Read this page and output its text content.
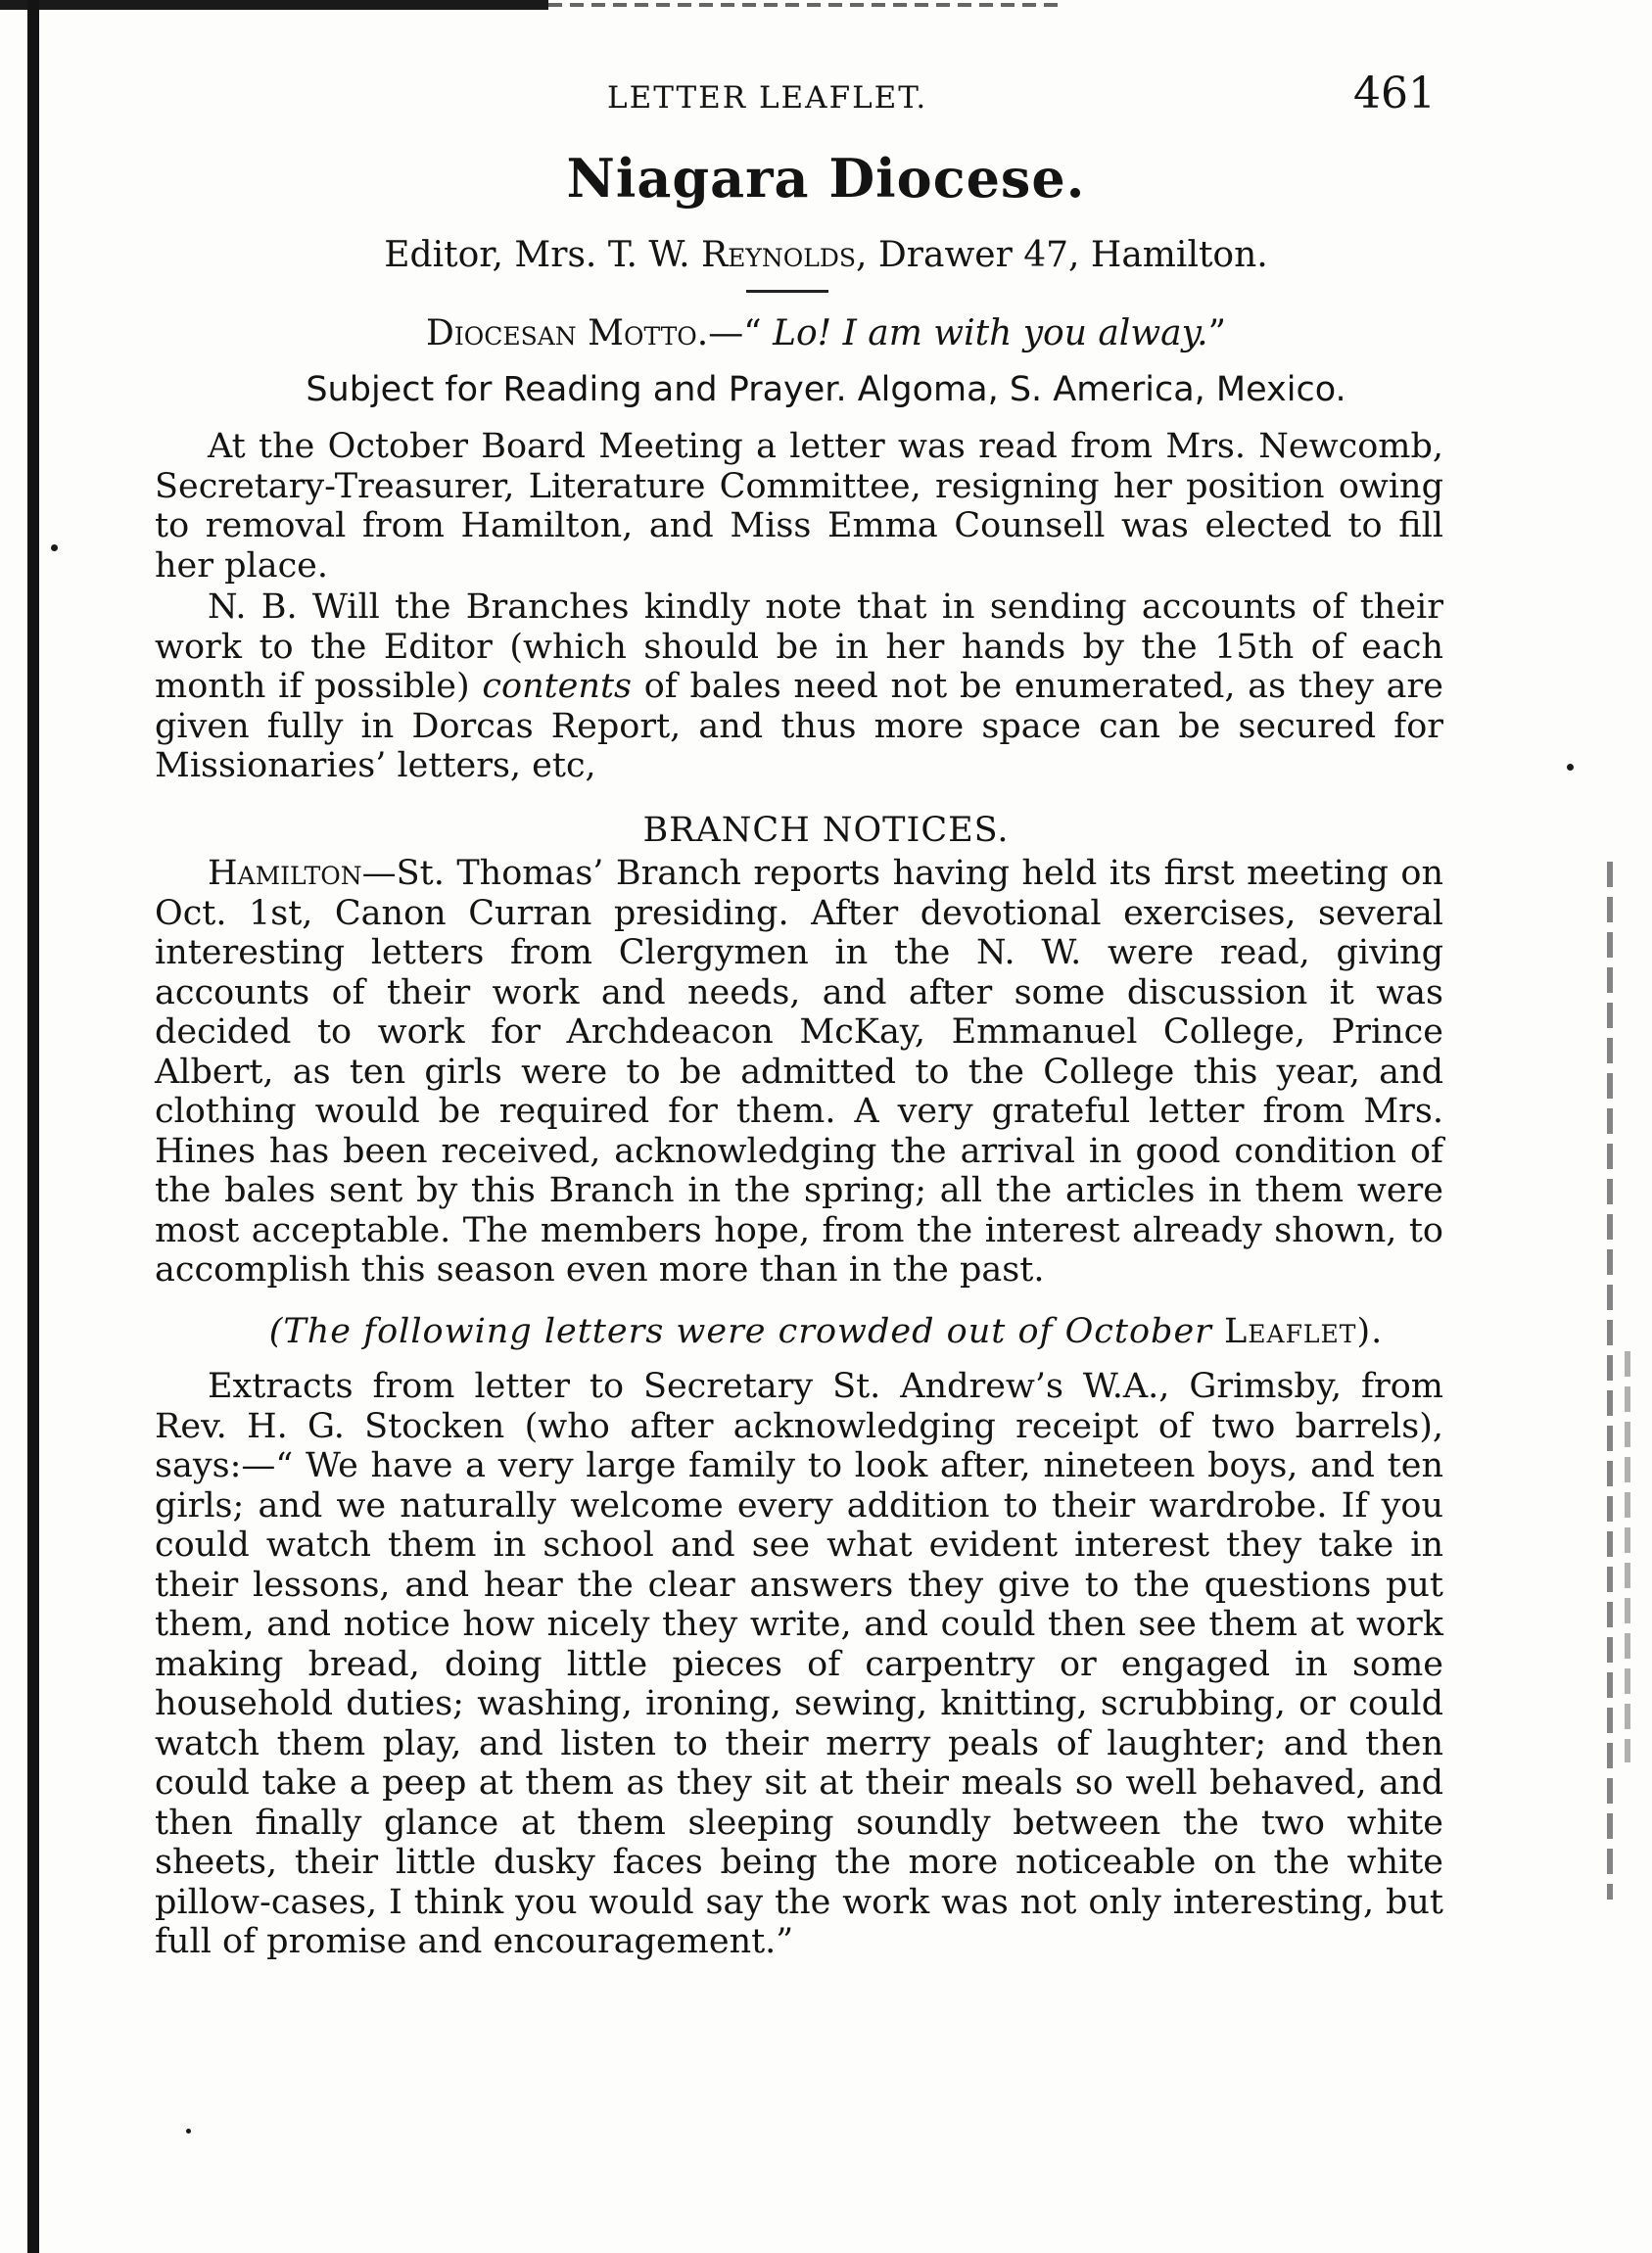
LETTER LEAFLET.	461
Niagara Diocese.
Editor, Mrs. T. W. Reynolds, Drawer 47, Hamilton.
Diocesan Motto.—“ Lo! I am with you alway.”
Subject for Reading and Prayer. Algoma, S. America, Mexico.
At the October Board Meeting a letter was read from Mrs. Newcomb, Secretary-Treasurer, Literature Committee, resigning her position owing to removal from Hamilton, and Miss Emma Counsell was elected to fill her place.
N. B. Will the Branches kindly note that in sending accounts of their work to the Editor (which should be in her hands by the 15th of each month if possible) contents of bales need not be enumerated, as they are given fully in Dorcas Report, and thus more space can be secured for Missionaries’ letters, etc,
BRANCH NOTICES.
Hamilton—St. Thomas’ Branch reports having held its first meeting on Oct. 1st, Canon Curran presiding. After devotional exercises, several interesting letters from Clergymen in the N. W. were read, giving accounts of their work and needs, and after some discussion it was decided to work for Archdeacon McKay, Emmanuel College, Prince Albert, as ten girls were to be admitted to the College this year, and clothing would be required for them. A very grateful letter from Mrs. Hines has been received, acknowledging the arrival in good condition of the bales sent by this Branch in the spring; all the articles in them were most acceptable. The members hope, from the interest already shown, to accomplish this season even more than in the past.
(The following letters were crowded out of October Leaflet).
Extracts from letter to Secretary St. Andrew’s W.A., Grimsby, from Rev. H. G. Stocken (who after acknowledging receipt of two barrels), says:—“ We have a very large family to look after, nineteen boys, and ten girls; and we naturally welcome every addition to their wardrobe. If you could watch them in school and see what evident interest they take in their lessons, and hear the clear answers they give to the questions put them, and notice how nicely they write, and could then see them at work making bread, doing little pieces of carpentry or engaged in some household duties; washing, ironing, sewing, knitting, scrubbing, or could watch them play, and listen to their merry peals of laughter; and then could take a peep at them as they sit at their meals so well behaved, and then finally glance at them sleeping soundly between the two white sheets, their little dusky faces being the more noticeable on the white pillow-cases, I think you would say the work was not only interesting, but full of promise and encouragement.”
